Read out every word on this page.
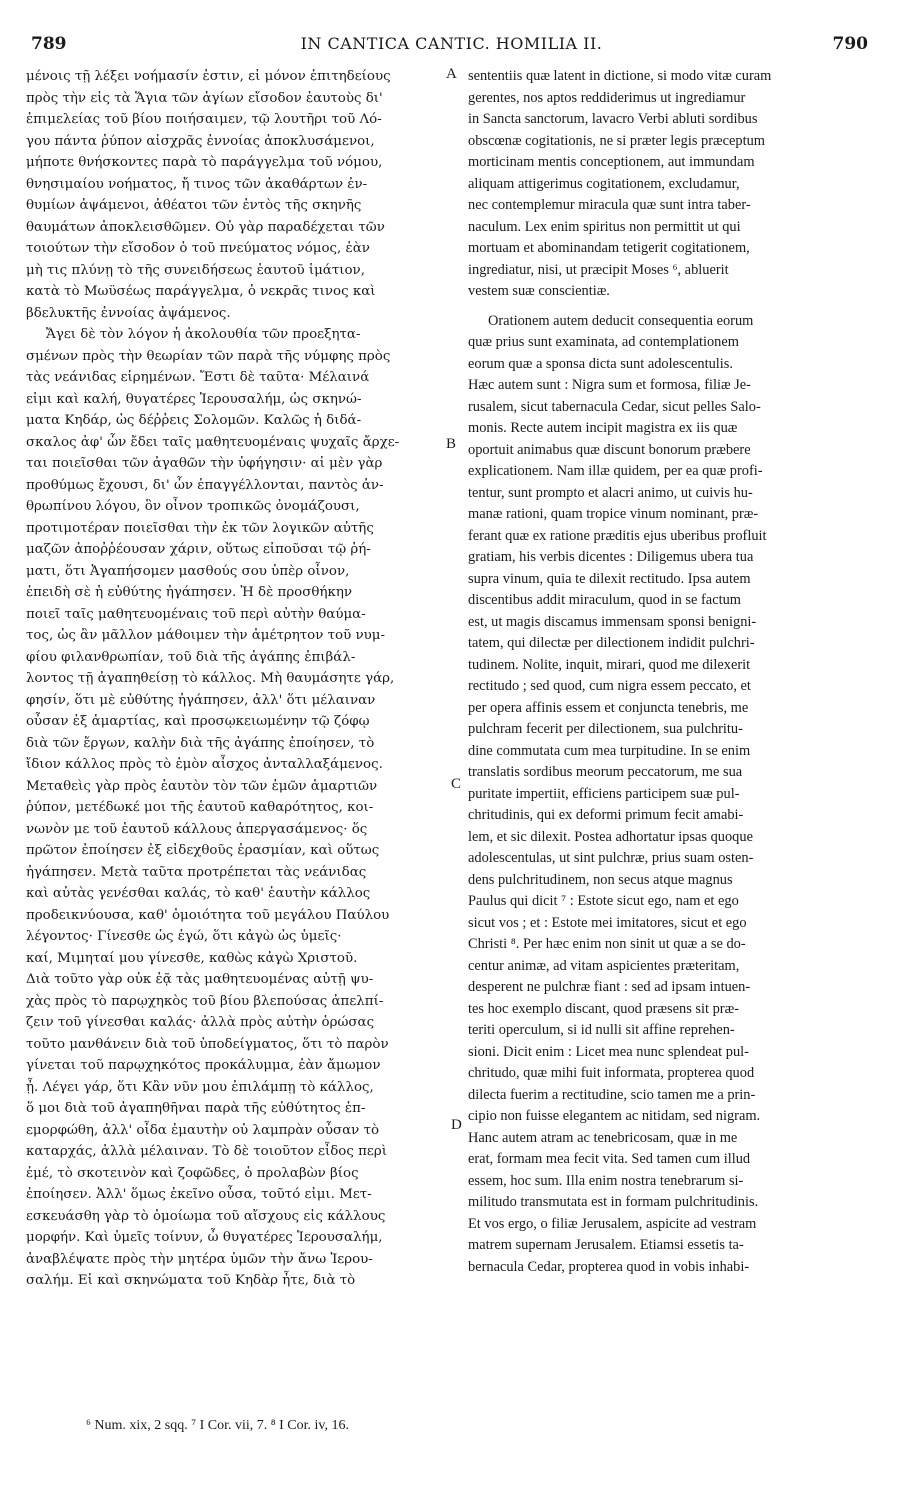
789	IN CANTICA CANTIC. HOMILIA II.	790
μένοις τῇ λέξει νοήμασίν ἐστιν, εἰ μόνον ἐπιτηδείους
πρὸς τὴν εἰς τὰ Ἅγια τῶν ἁγίων εἴσοδον ἑαυτοὺς δι'
ἐπιμελείας τοῦ βίου ποιήσαιμεν, τῷ λουτῆρι τοῦ Λό-
γου πάντα ῥύπον αἰσχρᾶς ἐννοίας ἀποκλυσάμενοι,
μήποτε θνήσκοντες παρὰ τὸ παράγγελμα τοῦ νόμου,
θνησιμαίου νοήματος, ἤ τινος τῶν ἀκαθάρτων ἐν-
θυμίων ἀψάμενοι, ἀθέατοι τῶν ἐντὸς τῆς σκηνῆς
θαυμάτων ἀποκλεισθῶμεν. Οὐ γὰρ παραδέχεται τῶν
τοιούτων τὴν εἴσοδον ὁ τοῦ πνεύματος νόμος, ἐὰν
μὴ τις πλύνῃ τὸ τῆς συνειδήσεως ἑαυτοῦ ἱμάτιον,
κατὰ τὸ Μωϋσέως παράγγελμα, ὁ νεκρᾶς τινος καὶ
βδελυκτῆς ἐννοίας ἀψάμενος.
Ἄγει δὲ τὸν λόγον ἡ ἀκολουθία τῶν προεξητα-
σμένων πρὸς τὴν θεωρίαν τῶν παρὰ τῆς νύμφης πρὸς
τὰς νεάνιδας εἰρημένων. Ἔστι δὲ ταῦτα· Μέλαινά
εἰμι καὶ καλή, θυγατέρες Ἱερουσαλήμ, ὡς σκηνώ-
ματα Κηδάρ, ὡς δέῤῥεις Σολομῶν. Καλῶς ἡ διδά-
σκαλος ἀφ' ὧν ἔδει ταῖς μαθητευομέναις ψυχαῖς ἄρχε-
ται ποιεῖσθαι τῶν ἀγαθῶν τὴν ὑφήγησιν· αἱ μὲν γὰρ
προθύμως ἔχουσι, δι' ὧν ἐπαγγέλλονται, παντὸς ἀν-
θρωπίνου λόγου, ὃν οἶνον τροπικῶς ὀνομάζουσι,
προτιμοτέραν ποιεῖσθαι τὴν ἐκ τῶν λογικῶν αὐτῆς
μαζῶν ἀποῤῥέουσαν χάριν, οὕτως εἰποῦσαι τῷ ῥή-
ματι, ὅτι Ἀγαπήσομεν μασθούς σου ὑπὲρ οἶνον,
ἐπειδὴ σὲ ἡ εὐθύτης ἠγάπησεν. Ἡ δὲ προσθήκην
ποιεῖ ταῖς μαθητευομέναις τοῦ περὶ αὐτὴν θαύμα-
τος, ὡς ἂν μᾶλλον μάθοιμεν τὴν ἀμέτρητον τοῦ νυμ-
φίου φιλανθρωπίαν, τοῦ διὰ τῆς ἀγάπης ἐπιβάλ-
λοντος τῇ ἀγαπηθείσῃ τὸ κάλλος. Μὴ θαυμάσητε γάρ,
φησίν, ὅτι μὲ εὐθύτης ἠγάπησεν, ἀλλ' ὅτι μέλαιναν
οὖσαν ἐξ ἁμαρτίας, καὶ προσῳκειωμένην τῷ ζόφῳ
διὰ τῶν ἔργων, καλὴν διὰ τῆς ἀγάπης ἐποίησεν, τὸ
ἴδιον κάλλος πρὸς τὸ ἐμὸν αἶσχος ἀνταλλαξάμενος.
Μεταθεὶς γὰρ πρὸς ἑαυτὸν τὸν τῶν ἐμῶν ἁμαρτιῶν
ῥύπον, μετέδωκέ μοι τῆς ἑαυτοῦ καθαρότητος, κοι-
νωνὸν με τοῦ ἑαυτοῦ κάλλους ἀπεργασάμενος· ὅς
πρῶτον ἐποίησεν ἐξ εἰδεχθοῦς ἐρασμίαν, καὶ οὕτως
ἠγάπησεν. Μετὰ ταῦτα προτρέπεται τὰς νεάνιδας
καὶ αὐτὰς γενέσθαι καλάς, τὸ καθ' ἑαυτὴν κάλλος
προδεικνύουσα, καθ' ὁμοιότητα τοῦ μεγάλου Παύλου
λέγοντος· Γίνεσθε ὡς ἐγώ, ὅτι κἀγὼ ὡς ὑμεῖς·
καί, Μιμηταί μου γίνεσθε, καθὼς κἀγὼ Χριστοῦ.
Διὰ τοῦτο γὰρ οὐκ ἐᾷ τὰς μαθητευομένας αὐτῇ ψυ-
χὰς πρὸς τὸ παρῳχηκὸς τοῦ βίου βλεπούσας ἀπελπί-
ζειν τοῦ γίνεσθαι καλάς· ἀλλὰ πρὸς αὐτὴν ὁρώσας
τοῦτο μανθάνειν διὰ τοῦ ὑποδείγματος, ὅτι τὸ παρὸν
γίνεται τοῦ παρῳχηκότος προκάλυμμα, ἐὰν ἄμωμον
ᾖ. Λέγει γάρ, ὅτι Κἂν νῦν μου ἐπιλάμπῃ τὸ κάλλος,
ὅ μοι διὰ τοῦ ἀγαπηθῆναι παρὰ τῆς εὐθύτητος ἐπ-
εμορφώθη, ἀλλ' οἶδα ἐμαυτὴν οὐ λαμπρὰν οὖσαν τὸ
καταρχάς, ἀλλὰ μέλαιναν. Τὸ δὲ τοιοῦτον εἶδος περὶ
ἐμέ, τὸ σκοτεινὸν καὶ ζοφῶδες, ὁ προλαβὼν βίος
ἐποίησεν. Ἀλλ' ὅμως ἐκεῖνο οὖσα, τοῦτό εἰμι. Μετ-
εσκευάσθη γὰρ τὸ ὁμοίωμα τοῦ αἴσχους εἰς κάλλους
μορφήν. Καὶ ὑμεῖς τοίνυν, ὦ θυγατέρες Ἱερουσαλήμ,
ἀναβλέψατε πρὸς τὴν μητέρα ὑμῶν τὴν ἄνω Ἱερου-
σαλήμ. Εἰ καὶ σκηνώματα τοῦ Κηδὰρ ἦτε, διὰ τὸ
sententiis quæ latent in dictione, si modo vitæ curam
gerentes, nos aptos reddiderimus ut ingrediamur
in Sancta sanctorum, lavacro Verbi abluti sordibus
obscœnæ cogitationis, ne si præter legis præceptum
morticinam mentis conceptionem, aut immundam
aliquam attigerimus cogitationem, excludamur,
nec contemplemur miracula quæ sunt intra taber-
naculum. Lex enim spiritus non permittit ut qui
mortuam et abominandam tetigerit cogitationem,
ingrediatur, nisi, ut præcipit Moses ⁶, abluerit
vestem suæ conscientiæ.
Orationem autem deducit consequentia eorum
quæ prius sunt examinata, ad contemplationem
eorum quæ a sponsa dicta sunt adolescentulis.
Hæc autem sunt : Nigra sum et formosa, filiæ Je-
rusalem, sicut tabernacula Cedar, sicut pelles Salo-
monis. Recte autem incipit magistra ex iis quæ
oportuit animabus quæ discunt bonorum præbere
explicationem. Nam illæ quidem, per ea quæ profi-
tentur, sunt prompto et alacri animo, ut cuivis hu-
manæ rationi, quam tropice vinum nominant, præ-
ferant quæ ex ratione præditis ejus uberibus profluit
gratiam, his verbis dicentes : Diligemus ubera tua
supra vinum, quia te dilexit rectitudo. Ipsa autem
discentibus addit miraculum, quod in se factum
est, ut magis discamus immensam sponsi benigni-
tatem, qui dilectæ per dilectionem indidit pulchri-
tudinem. Nolite, inquit, mirari, quod me dilexerit
rectitudo ; sed quod, cum nigra essem peccato, et
per opera affinis essem et conjuncta tenebris, me
pulchram fecerit per dilectionem, sua pulchritu-
dine commutata cum mea turpitudine. In se enim
translatis sordibus meorum peccatorum, me sua
puritate impertiit, efficiens participem suæ pul-
chritudinis, qui ex deformi primum fecit amabi-
lem, et sic dilexit. Postea adhortatur ipsas quoque
adolescentulas, ut sint pulchræ, prius suam osten-
dens pulchritudinem, non secus atque magnus
Paulus qui dicit ⁷ : Estote sicut ego, nam et ego
sicut vos ; et : Estote mei imitatores, sicut et ego
Christi ⁸. Per hæc enim non sinit ut quæ a se do-
centur animæ, ad vitam aspicientes præteritam,
desperent ne pulchræ fiant : sed ad ipsam intuen-
tes hoc exemplo discant, quod præsens sit præ-
teriti operculum, si id nulli sit affine reprehen-
sioni. Dicit enim : Licet mea nunc splendeat pul-
chritudo, quæ mihi fuit informata, propterea quod
dilecta fuerim a rectitudine, scio tamen me a prin-
cipio non fuisse elegantem ac nitidam, sed nigram.
Hanc autem atram ac tenebricosam, quæ in me
erat, formam mea fecit vita. Sed tamen cum illud
essem, hoc sum. Illa enim nostra tenebrarum si-
militudo transmutata est in formam pulchritudinis.
Et vos ergo, o filiæ Jerusalem, aspicite ad vestram
matrem supernam Jerusalem. Etiamsi essetis ta-
bernacula Cedar, propterea quod in vobis inhabi-
A
B
C
D
⁶ Num. xix, 2 sqq. ⁷ I Cor. vii, 7. ⁸ I Cor. iv, 16.
